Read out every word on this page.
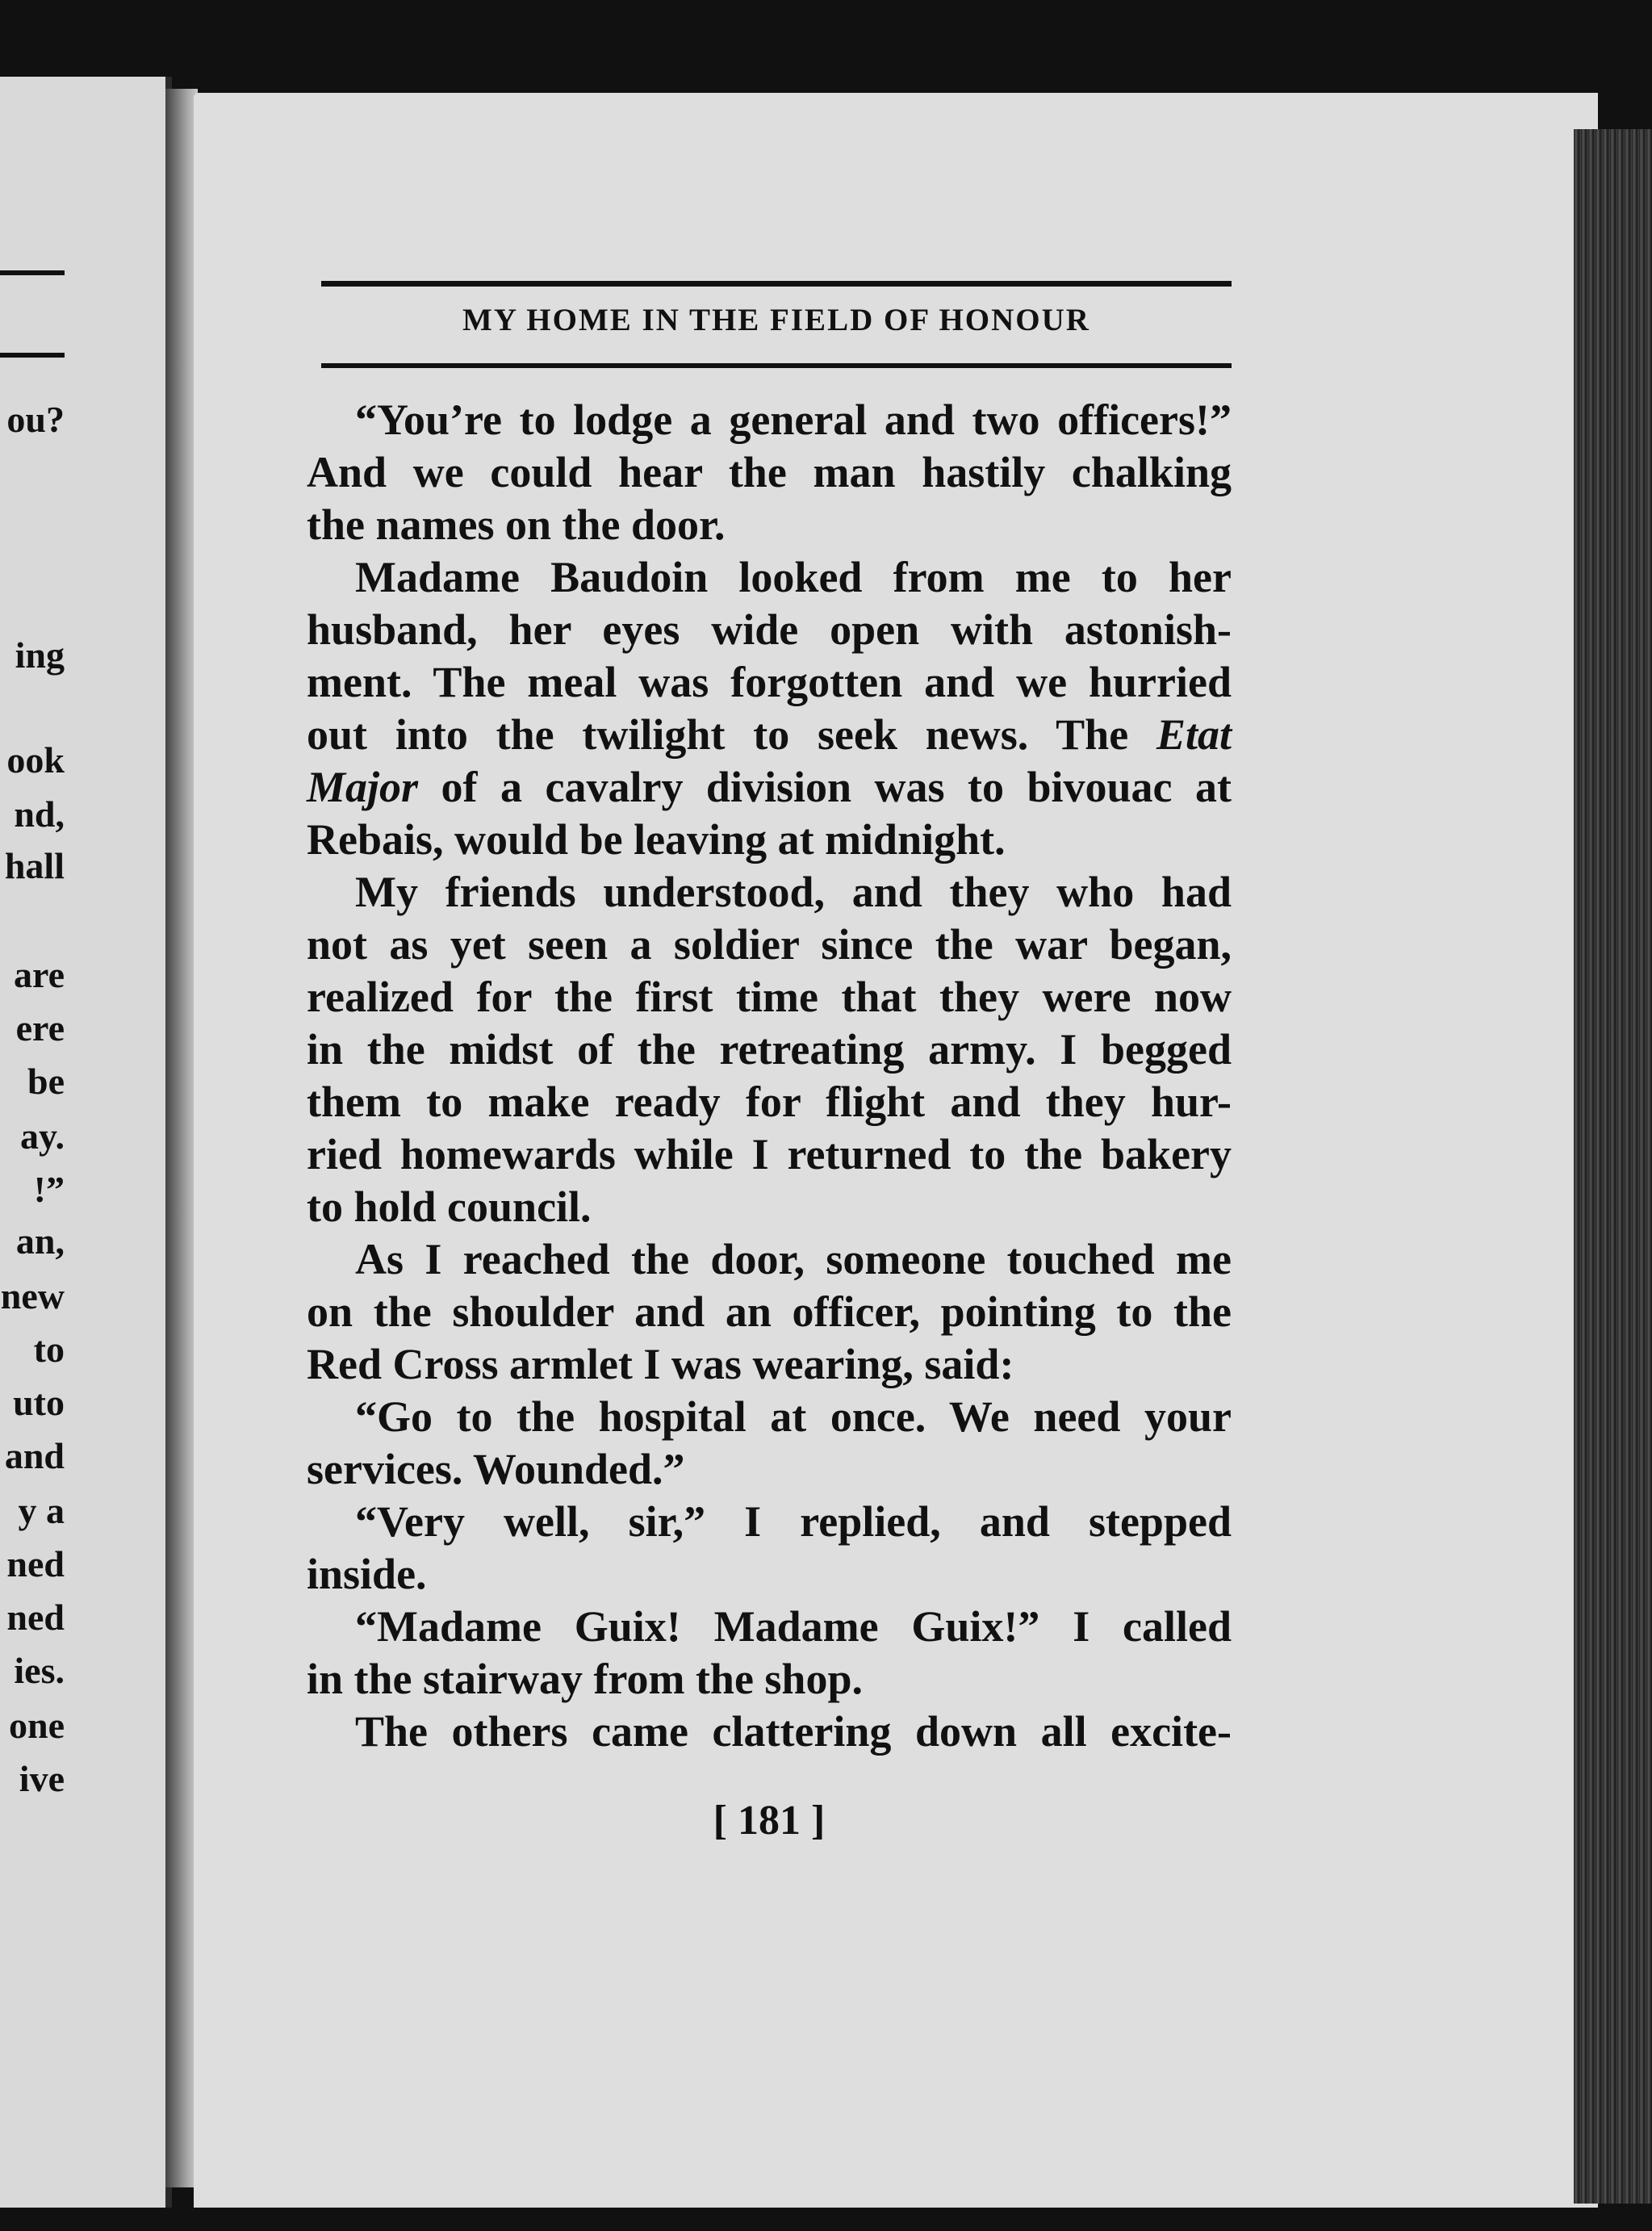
ou?
ing
ook
nd,
hall
are
ere
be
ay.
!”
an,
new
to
uto
and
y a
ned
ned
ies.
one
ive
MY HOME IN THE FIELD OF HONOUR
“You’re to lodge a general and two officers!”
And we could hear the man hastily chalking
the names on the door.
Madame Baudoin looked from me to her
husband, her eyes wide open with astonish-
ment. The meal was forgotten and we hurried
out into the twilight to seek news. The Etat
Major of a cavalry division was to bivouac at
Rebais, would be leaving at midnight.
My friends understood, and they who had
not as yet seen a soldier since the war began,
realized for the first time that they were now
in the midst of the retreating army. I begged
them to make ready for flight and they hur-
ried homewards while I returned to the bakery
to hold council.
As I reached the door, someone touched me
on the shoulder and an officer, pointing to the
Red Cross armlet I was wearing, said:
“Go to the hospital at once. We need your
services. Wounded.”
“Very well, sir,” I replied, and stepped
inside.
“Madame Guix! Madame Guix!” I called
in the stairway from the shop.
The others came clattering down all excite-
[ 181 ]
